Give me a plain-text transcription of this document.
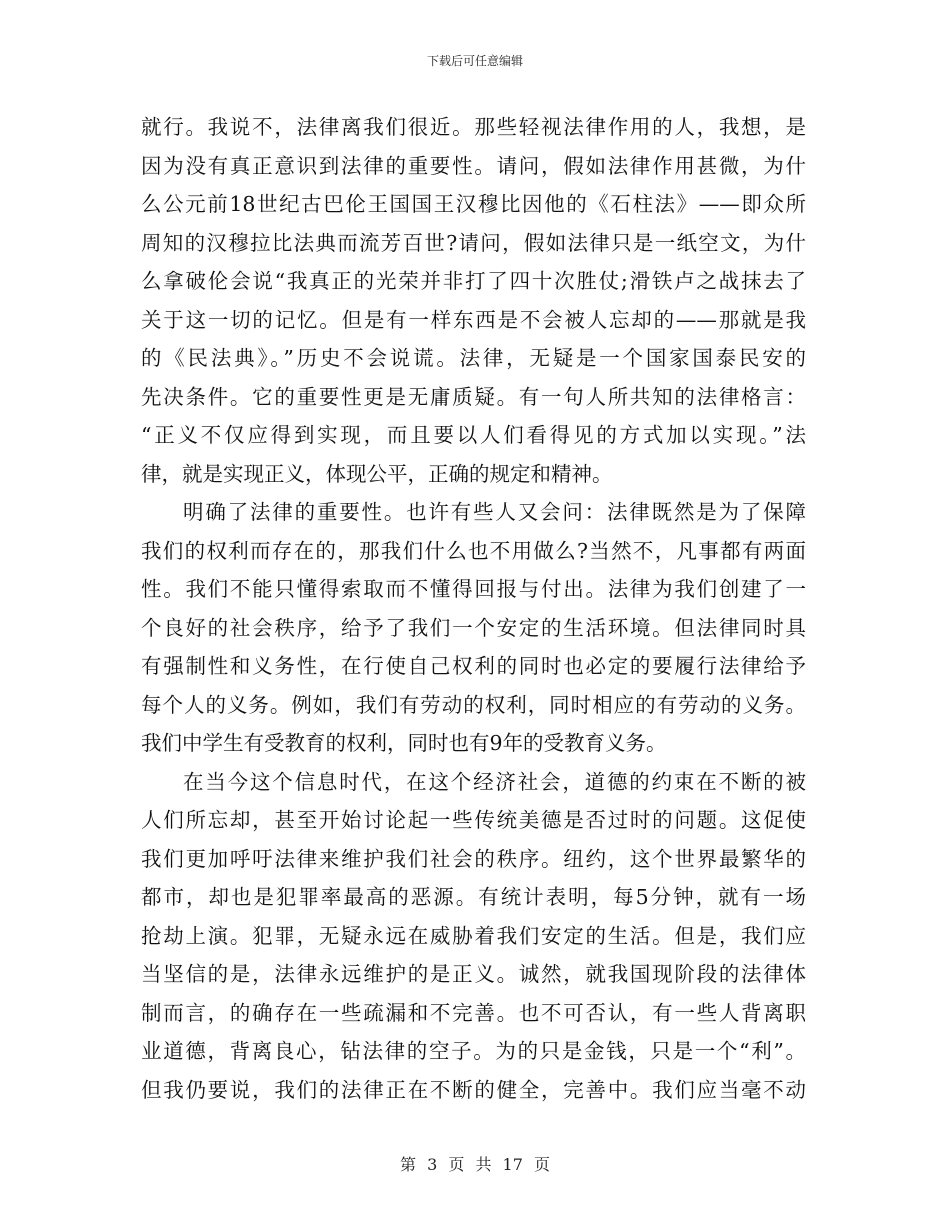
下载后可任意编辑
就行。我说不，法律离我们很近。那些轻视法律作用的人，我想，是
因为没有真正意识到法律的重要性。请问，假如法律作用甚微，为什
么公元前18世纪古巴伦王国国王汉穆比因他的《石柱法》——即众所
周知的汉穆拉比法典而流芳百世?请问，假如法律只是一纸空文，为什
么拿破伦会说“我真正的光荣并非打了四十次胜仗;滑铁卢之战抹去了
关于这一切的记忆。但是有一样东西是不会被人忘却的——那就是我
的《民法典》。”历史不会说谎。法律，无疑是一个国家国泰民安的
先决条件。它的重要性更是无庸质疑。有一句人所共知的法律格言：
“正义不仅应得到实现，而且要以人们看得见的方式加以实现。”法
律，就是实现正义，体现公平，正确的规定和精神。
明确了法律的重要性。也许有些人又会问：法律既然是为了保障
我们的权利而存在的，那我们什么也不用做么?当然不，凡事都有两面
性。我们不能只懂得索取而不懂得回报与付出。法律为我们创建了一
个良好的社会秩序，给予了我们一个安定的生活环境。但法律同时具
有强制性和义务性，在行使自己权利的同时也必定的要履行法律给予
每个人的义务。例如，我们有劳动的权利，同时相应的有劳动的义务。
我们中学生有受教育的权利，同时也有9年的受教育义务。
在当今这个信息时代，在这个经济社会，道德的约束在不断的被
人们所忘却，甚至开始讨论起一些传统美德是否过时的问题。这促使
我们更加呼吁法律来维护我们社会的秩序。纽约，这个世界最繁华的
都市，却也是犯罪率最高的恶源。有统计表明，每5分钟，就有一场
抢劫上演。犯罪，无疑永远在威胁着我们安定的生活。但是，我们应
当坚信的是，法律永远维护的是正义。诚然，就我国现阶段的法律体
制而言，的确存在一些疏漏和不完善。也不可否认，有一些人背离职
业道德，背离良心，钻法律的空子。为的只是金钱，只是一个“利”。
但我仍要说，我们的法律正在不断的健全，完善中。我们应当毫不动
第 3 页 共 17 页
